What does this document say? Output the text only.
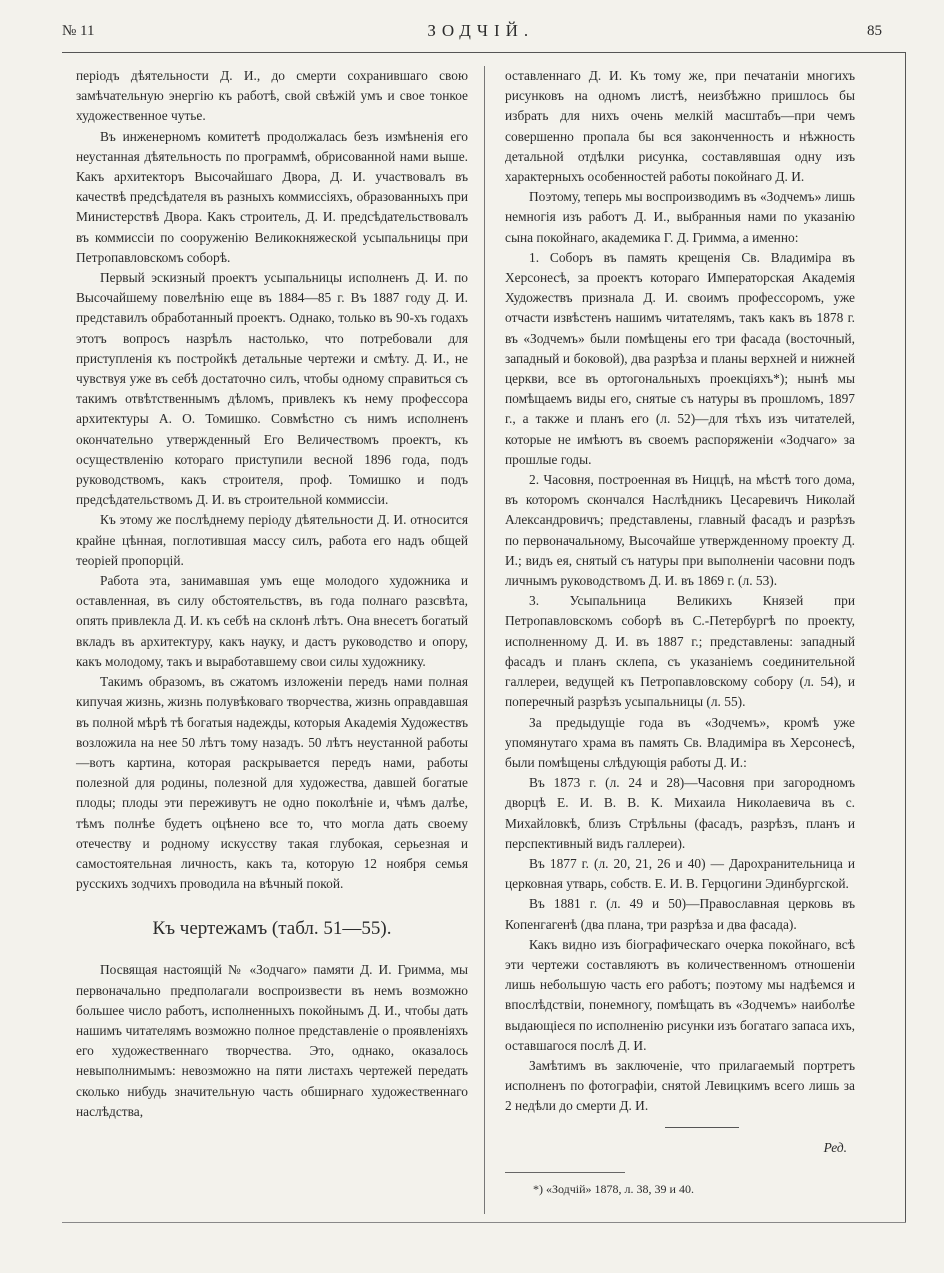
№ 11	ЗОДЧІЙ.	85

періодъ дѣятельности Д. И., до смерти сохранившаго свою замѣчательную энергію къ работѣ, свой свѣжій умъ и свое тонкое художественное чутье.

Въ инженерномъ комитетѣ продолжалась безъ измѣненія его неустанная дѣятельность по программѣ, обрисованной нами выше. Какъ архитекторъ Высочайшаго Двора, Д. И. участвовалъ въ качествѣ предсѣдателя въ разныхъ коммиссіяхъ, образованныхъ при Министерствѣ Двора. Какъ строитель, Д. И. предсѣдательствовалъ въ коммиссіи по сооруженію Великокняжеской усыпальницы при Петропавловскомъ соборѣ.

Первый эскизный проектъ усыпальницы исполненъ Д. И. по Высочайшему повелѣнію еще въ 1884—85 г. Въ 1887 году Д. И. представилъ обработанный проектъ. Однако, только въ 90-хъ годахъ этотъ вопросъ назрѣлъ настолько, что потребовали для приступленія къ постройкѣ детальные чертежи и смѣту. Д. И., не чувствуя уже въ себѣ достаточно силъ, чтобы одному справиться съ такимъ отвѣтственнымъ дѣломъ, привлекъ къ нему профессора архитектуры А. О. Томишко. Совмѣстно съ нимъ исполненъ окончательно утвержденный Его Величествомъ проектъ, къ осуществленію котораго приступили весной 1896 года, подъ руководствомъ, какъ строителя, проф. Томишко и подъ предсѣдательствомъ Д. И. въ строительной коммиссіи.

Къ этому же послѣднему періоду дѣятельности Д. И. относится крайне цѣнная, поглотившая массу силъ, работа его надъ общей теоріей пропорцій.

Работа эта, занимавшая умъ еще молодого художника и оставленная, въ силу обстоятельствъ, въ года полнаго разсвѣта, опять привлекла Д. И. къ себѣ на склонѣ лѣтъ. Она внесетъ богатый вкладъ въ архитектуру, какъ науку, и дастъ руководство и опору, какъ молодому, такъ и выработавшему свои силы художнику.

Такимъ образомъ, въ сжатомъ изложеніи передъ нами полная кипучая жизнь, жизнь полувѣковаго творчества, жизнь оправдавшая въ полной мѣрѣ тѣ богатыя надежды, которыя Академія Художествъ возложила на нее 50 лѣтъ тому назадъ. 50 лѣтъ неустанной работы—вотъ картина, которая раскрывается передъ нами, работы полезной для родины, полезной для художества, давшей богатые плоды; плоды эти переживутъ не одно поколѣніе и, чѣмъ далѣе, тѣмъ полнѣе будетъ оцѣнено все то, что могла дать своему отечеству и родному искусству такая глубокая, серьезная и самостоятельная личность, какъ та, которую 12 ноября семья русскихъ зодчихъ проводила на вѣчный покой.

Къ чертежамъ (табл. 51—55).

Посвящая настоящій № «Зодчаго» памяти Д. И. Гримма, мы первоначально предполагали воспроизвести въ немъ возможно большее число работъ, исполненныхъ покойнымъ Д. И., чтобы дать нашимъ читателямъ возможно полное представленіе о проявленіяхъ его художественнаго творчества. Это, однако, оказалось невыполнимымъ: невозможно на пяти листахъ чертежей передать сколько нибудь значительную часть обширнаго художественнаго наслѣдства,

оставленнаго Д. И. Къ тому же, при печатаніи многихъ рисунковъ на одномъ листѣ, неизбѣжно пришлось бы избрать для нихъ очень мелкій масштабъ—при чемъ совершенно пропала бы вся законченность и нѣжность детальной отдѣлки рисунка, составлявшая одну изъ характерныхъ особенностей работы покойнаго Д. И.

Поэтому, теперь мы воспроизводимъ въ «Зодчемъ» лишь немногія изъ работъ Д. И., выбранныя нами по указанію сына покойнаго, академика Г. Д. Гримма, а именно:

1. Соборъ въ память крещенія Св. Владиміра въ Херсонесѣ, за проектъ котораго Императорская Академія Художествъ признала Д. И. своимъ профессоромъ, уже отчасти извѣстенъ нашимъ читателямъ, такъ какъ въ 1878 г. въ «Зодчемъ» были помѣщены его три фасада (восточный, западный и боковой), два разрѣза и планы верхней и нижней церкви, все въ ортогональныхъ проекціяхъ*); нынѣ мы помѣщаемъ виды его, снятые съ натуры въ прошломъ, 1897 г., а также и планъ его (л. 52)—для тѣхъ изъ читателей, которые не имѣютъ въ своемъ распоряженіи «Зодчаго» за прошлые годы.

2. Часовня, построенная въ Ниццѣ, на мѣстѣ того дома, въ которомъ скончался Наслѣдникъ Цесаревичъ Николай Александровичъ; представлены, главный фасадъ и разрѣзъ по первоначальному, Высочайше утвержденному проекту Д. И.; видъ ея, снятый съ натуры при выполненіи часовни подъ личнымъ руководствомъ Д. И. въ 1869 г. (л. 53).

3. Усыпальница Великихъ Князей при Петропавловскомъ соборѣ въ С.-Петербургѣ по проекту, исполненному Д. И. въ 1887 г.; представлены: западный фасадъ и планъ склепа, съ указаніемъ соединительной галлереи, ведущей къ Петропавловскому собору (л. 54), и поперечный разрѣзъ усыпальницы (л. 55).

За предыдущіе года въ «Зодчемъ», кромѣ уже упомянутаго храма въ память Св. Владиміра въ Херсонесѣ, были помѣщены слѣдующія работы Д. И.:

Въ 1873 г. (л. 24 и 28)—Часовня при загородномъ дворцѣ Е. И. В. В. К. Михаила Николаевича въ с. Михайловкѣ, близъ Стрѣльны (фасадъ, разрѣзъ, планъ и перспективный видъ галлереи).

Въ 1877 г. (л. 20, 21, 26 и 40) — Дарохранительница и церковная утварь, собств. Е. И. В. Герцогини Эдинбургской.

Въ 1881 г. (л. 49 и 50)—Православная церковь въ Копенгагенѣ (два плана, три разрѣза и два фасада).

Какъ видно изъ біографическаго очерка покойнаго, всѣ эти чертежи составляютъ въ количественномъ отношеніи лишь небольшую часть его работъ; поэтому мы надѣемся и впослѣдствіи, понемногу, помѣщать въ «Зодчемъ» наиболѣе выдающіеся по исполненію рисунки изъ богатаго запаса ихъ, оставшагося послѣ Д. И.

Замѣтимъ въ заключеніе, что прилагаемый портретъ исполненъ по фотографіи, снятой Левицкимъ всего лишь за 2 недѣли до смерти Д. И.

Ред.
*) «Зодчій» 1878, л. 38, 39 и 40.
